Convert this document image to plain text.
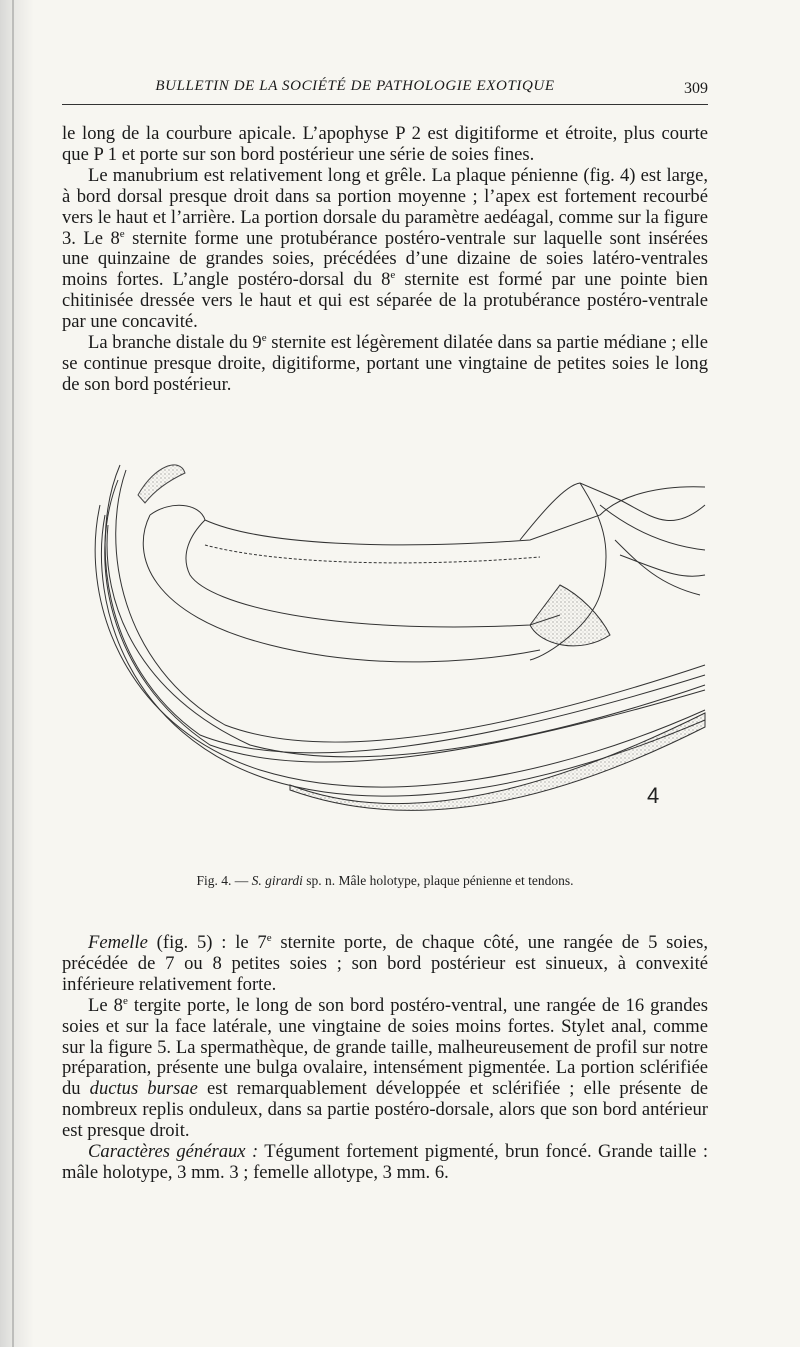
BULLETIN DE LA SOCIÉTÉ DE PATHOLOGIE EXOTIQUE	309

le long de la courbure apicale. L’apophyse P 2 est digitiforme et étroite, plus courte que P 1 et porte sur son bord postérieur une série de soies fines.

Le manubrium est relativement long et grêle. La plaque pénienne (fig. 4) est large, à bord dorsal presque droit dans sa portion moyenne ; l’apex est fortement recourbé vers le haut et l’arrière. La portion dorsale du paramètre aedéagal, comme sur la figure 3. Le 8e sternite forme une protubérance postéro-ventrale sur laquelle sont insérées une quinzaine de grandes soies, précédées d’une dizaine de soies latéro-ventrales moins fortes. L’angle postéro-dorsal du 8e sternite est formé par une pointe bien chitinisée dressée vers le haut et qui est séparée de la protubérance postéro-ventrale par une concavité.

La branche distale du 9e sternite est légèrement dilatée dans sa partie médiane ; elle se continue presque droite, digitiforme, portant une vingtaine de petites soies le long de son bord postérieur.

4
Fig. 4. — S. girardi sp. n. Mâle holotype, plaque pénienne et tendons.

Femelle (fig. 5) : le 7e sternite porte, de chaque côté, une rangée de 5 soies, précédée de 7 ou 8 petites soies ; son bord postérieur est sinueux, à convexité inférieure relativement forte.

Le 8e tergite porte, le long de son bord postéro-ventral, une rangée de 16 grandes soies et sur la face latérale, une vingtaine de soies moins fortes. Stylet anal, comme sur la figure 5. La spermathèque, de grande taille, malheureusement de profil sur notre préparation, présente une bulga ovalaire, intensément pigmentée. La portion sclérifiée du ductus bursae est remarquablement développée et sclérifiée ; elle présente de nombreux replis onduleux, dans sa partie postéro-dorsale, alors que son bord antérieur est presque droit.

Caractères généraux : Tégument fortement pigmenté, brun foncé. Grande taille : mâle holotype, 3 mm. 3 ; femelle allotype, 3 mm. 6.
